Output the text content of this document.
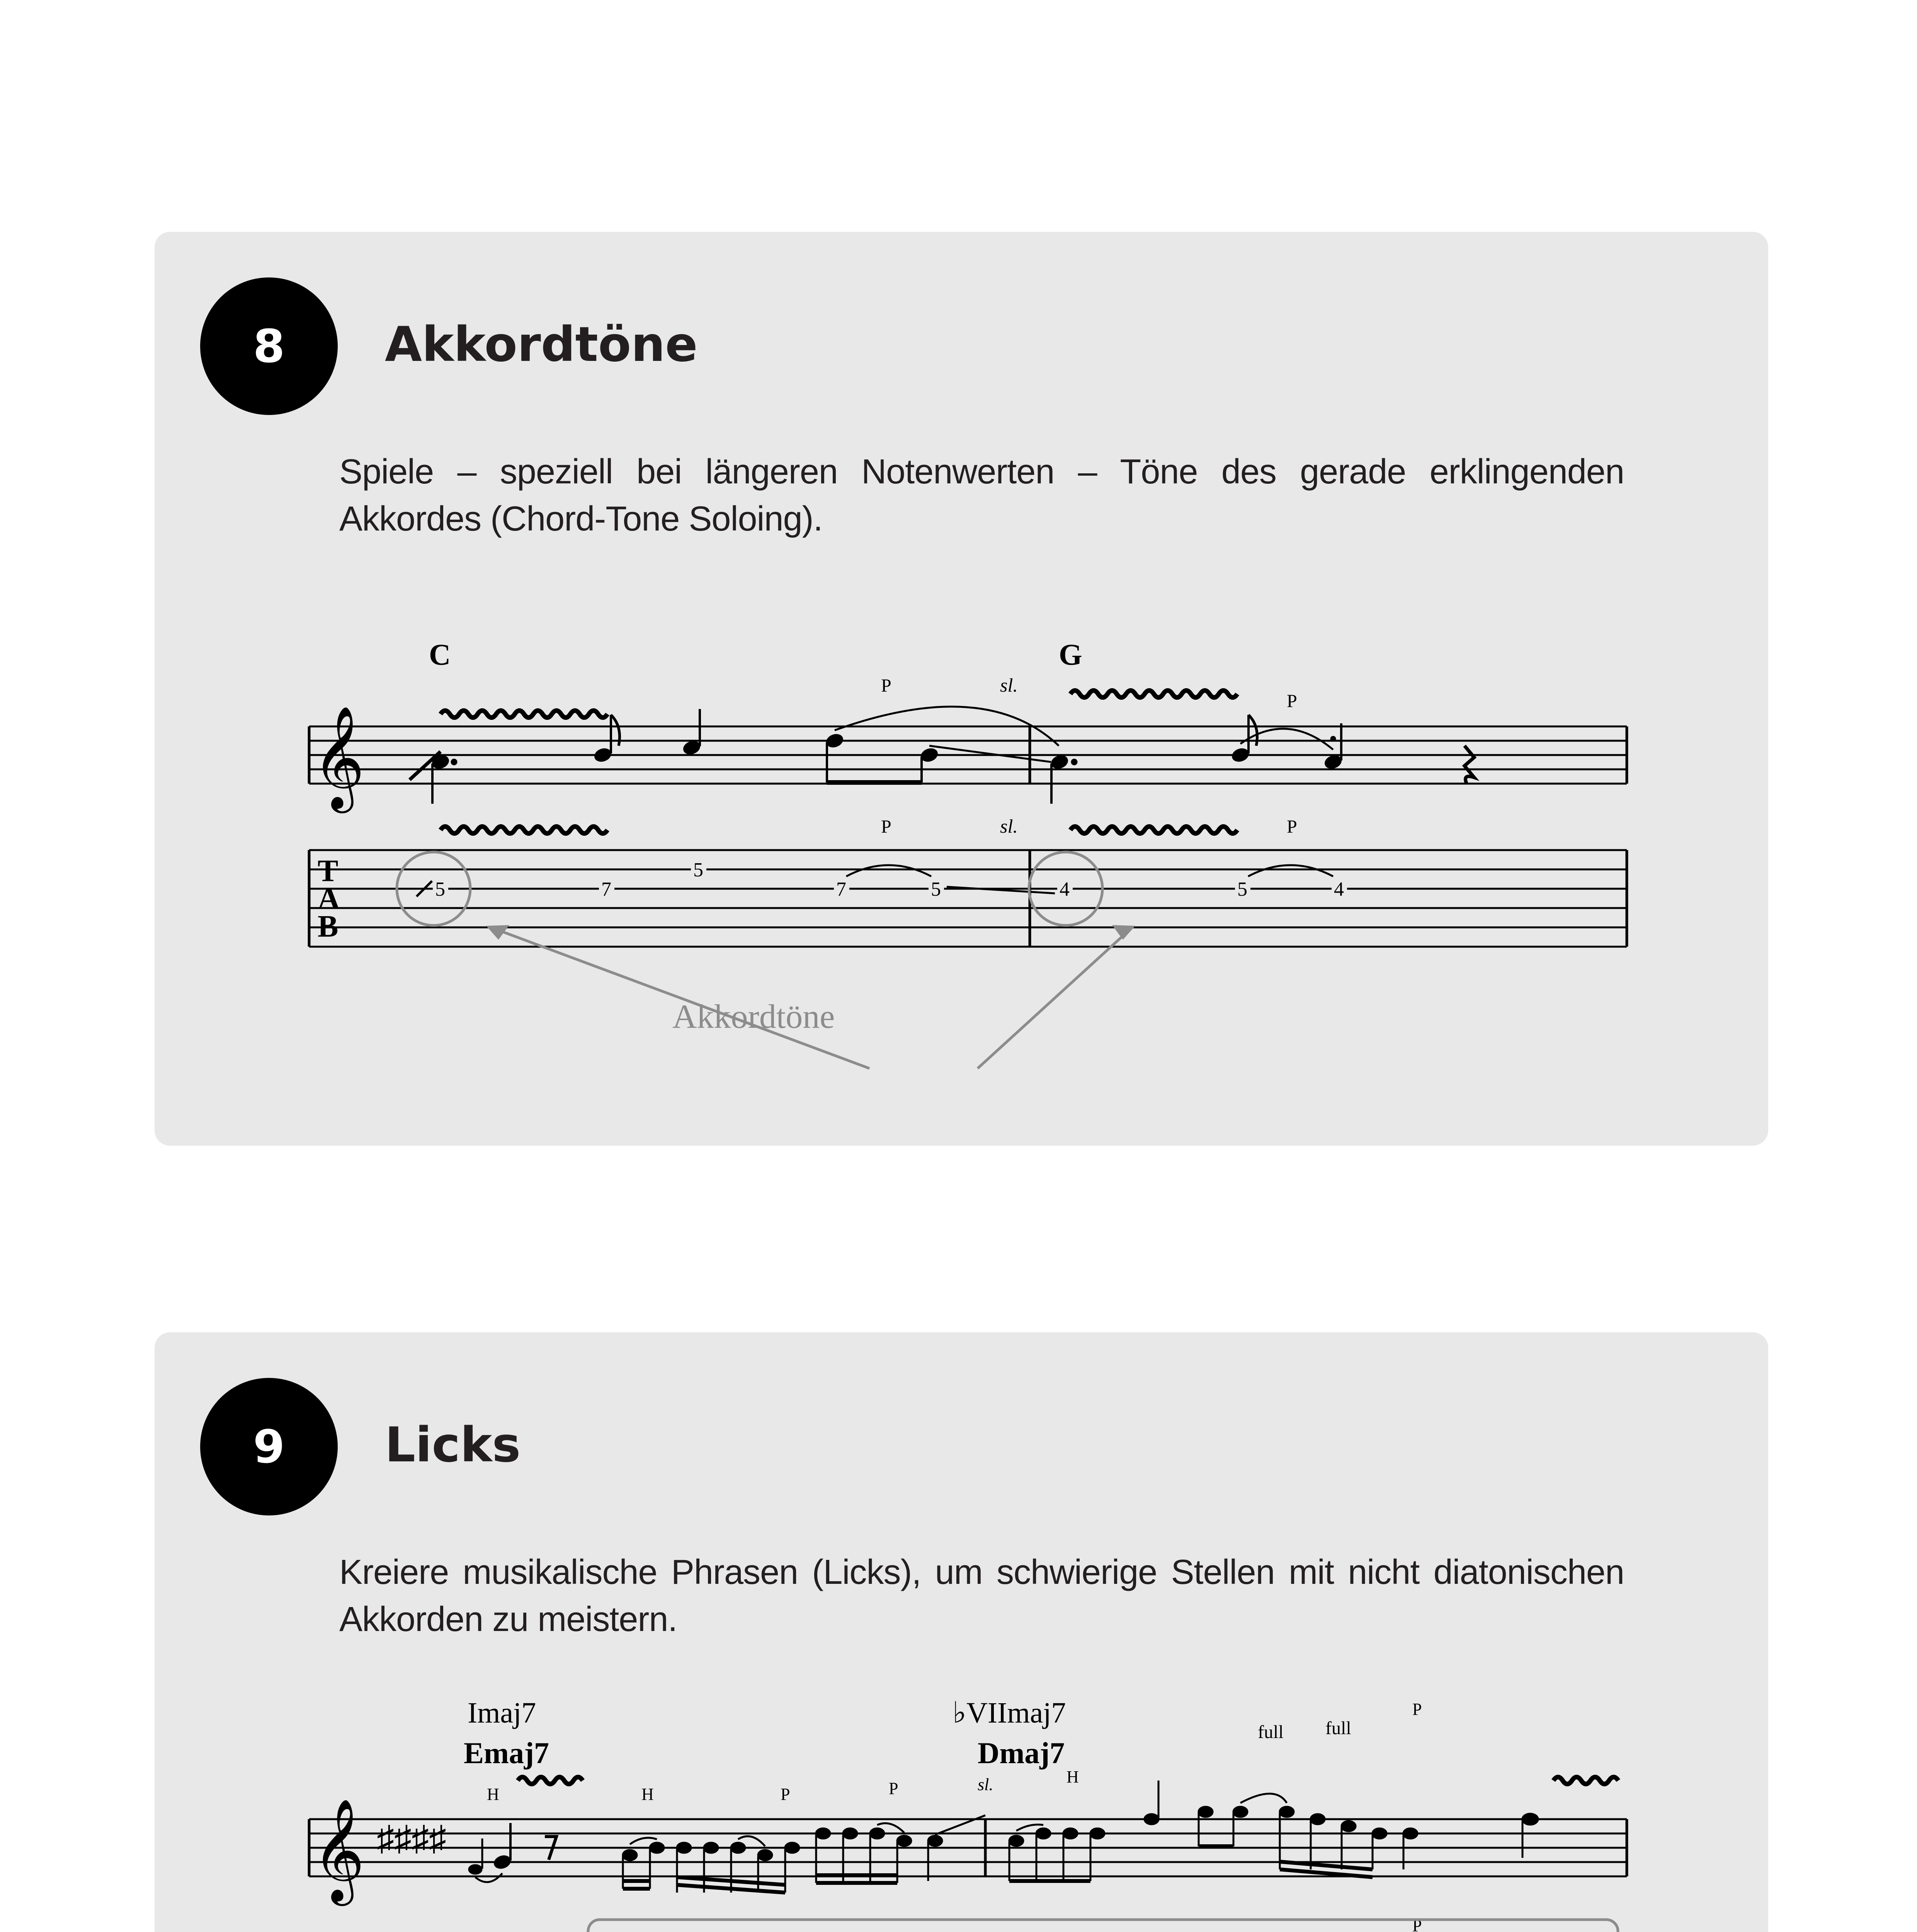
8	Akkordtöne
Spiele – speziell bei längeren Notenwerten – Töne des gerade erklingenden Akkordes (Chord-Tone Soloing).
C	G
P	sl.
P
𝄞
P	sl.	P
T
A
B
5	7
5
7	5	4	5	4
Akkordtöne
9	Licks
Kreiere musikalische Phrasen (Licks), um schwierige Stellen mit nicht diatonischen Akkorden zu meistern.
Imaj7	♭VIImaj7
Emaj7	Dmaj7
H	H	P	P	sl.	H
P
full full
𝄞 ♯♯♯♯
P
